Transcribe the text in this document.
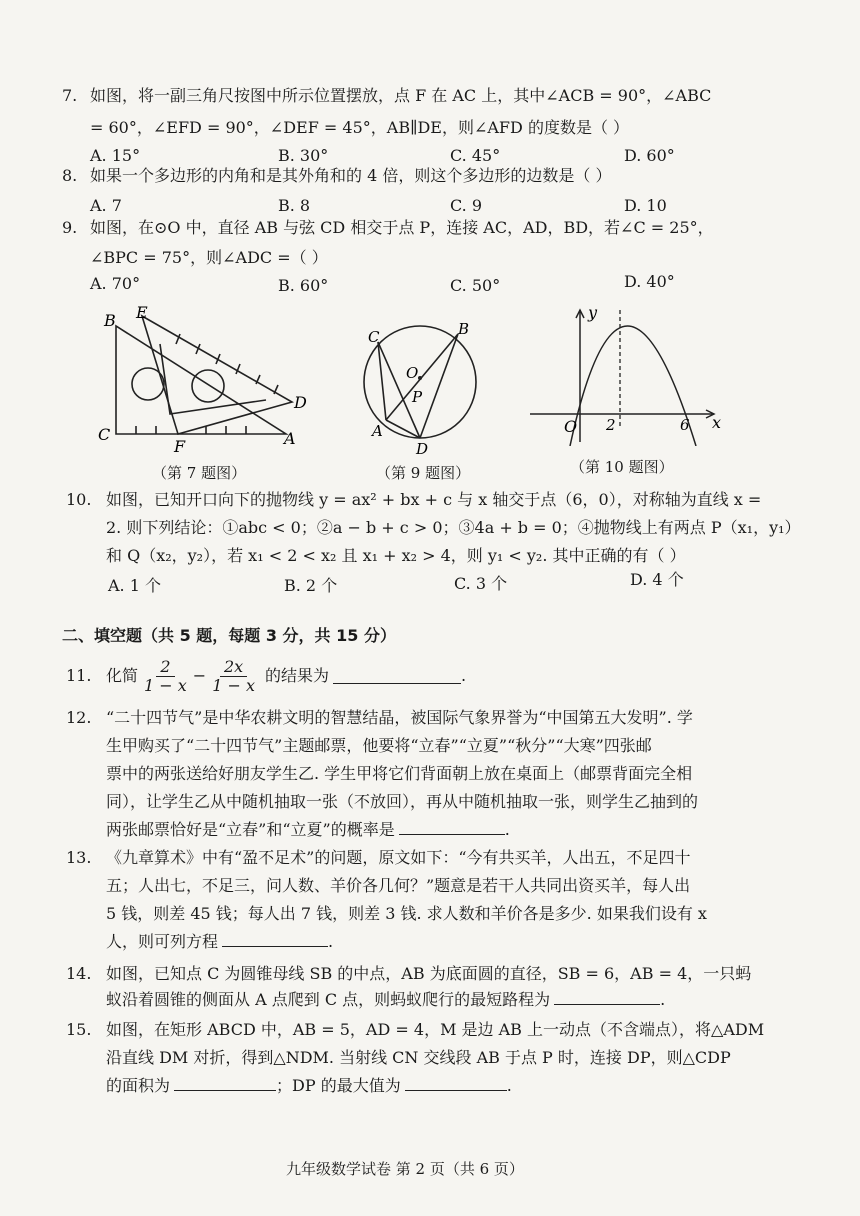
7. 如图，将一副三角尺按图中所示位置摆放，点 F 在 AC 上，其中∠ACB = 90°，∠ABC
= 60°，∠EFD = 90°，∠DEF = 45°，AB∥DE，则∠AFD 的度数是（ ）
A. 15°	B. 30°	C. 45°	D. 60°
8. 如果一个多边形的内角和是其外角和的 4 倍，则这个多边形的边数是（ ）
A. 7	B. 8	C. 9	D. 10
9. 如图，在⊙O 中，直径 AB 与弦 CD 相交于点 P，连接 AC，AD，BD，若∠C = 25°，
∠BPC = 75°，则∠ADC =（ ）
A. 70°	B. 60°	C. 50°	D. 40°
B E
C
F	A
D
（第 7 题图）
C	B
O
P
A
D
（第 9 题图）
y
x
O 2	6
（第 10 题图）
10. 如图，已知开口向下的抛物线 y = ax² + bx + c 与 x 轴交于点（6，0），对称轴为直线 x =
2. 则下列结论：①abc < 0；②a − b + c > 0；③4a + b = 0；④抛物线上有两点 P（x₁，y₁）
和 Q（x₂，y₂），若 x₁ < 2 < x₂ 且 x₁ + x₂ > 4，则 y₁ < y₂. 其中正确的有（ ）
A. 1 个	B. 2 个	C. 3 个	D. 4 个
二、填空题（共 5 题，每题 3 分，共 15 分）
11. 化简 $\frac{2}{1 - x} - \frac{2x}{1 - x}$ 的结果为	.
12. “二十四节气”是中华农耕文明的智慧结晶，被国际气象界誉为“中国第五大发明”. 学
生甲购买了“二十四节气”主题邮票，他要将“立春”“立夏”“秋分”“大寒”四张邮
票中的两张送给好朋友学生乙. 学生甲将它们背面朝上放在桌面上（邮票背面完全相
同），让学生乙从中随机抽取一张（不放回），再从中随机抽取一张，则学生乙抽到的
两张邮票恰好是“立春”和“立夏”的概率是	.
13. 《九章算术》中有“盈不足术”的问题，原文如下：“今有共买羊，人出五，不足四十
五；人出七，不足三，问人数、羊价各几何？”题意是若干人共同出资买羊，每人出
5 钱，则差 45 钱；每人出 7 钱，则差 3 钱. 求人数和羊价各是多少. 如果我们设有 x
人，则可列方程	.
14. 如图，已知点 C 为圆锥母线 SB 的中点，AB 为底面圆的直径，SB = 6，AB = 4，一只蚂
蚁沿着圆锥的侧面从 A 点爬到 C 点，则蚂蚁爬行的最短路程为	.
15. 如图，在矩形 ABCD 中，AB = 5，AD = 4，M 是边 AB 上一动点（不含端点），将△ADM
沿直线 DM 对折，得到△NDM. 当射线 CN 交线段 AB 于点 P 时，连接 DP，则△CDP
的面积为	；DP 的最大值为	.
九年级数学试卷 第 2 页（共 6 页）
